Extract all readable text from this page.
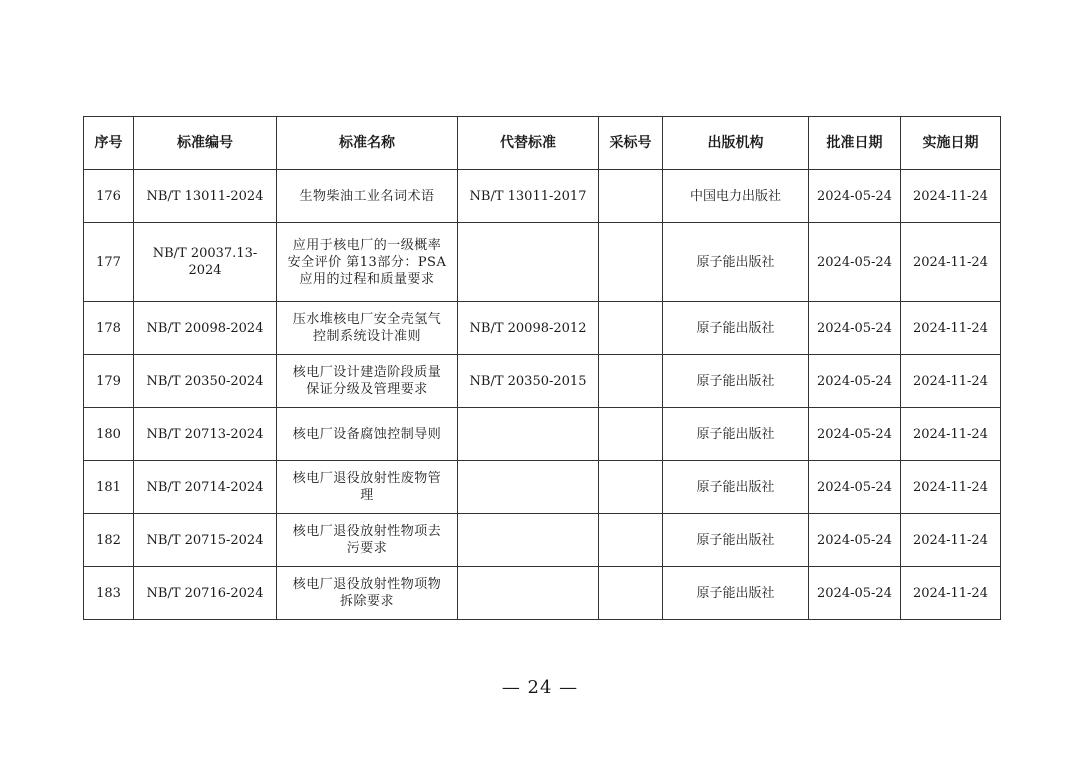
序号	标准编号	标准名称	代替标准	采标号	出版机构	批准日期	实施日期
176	NB/T 13011-2024	生物柴油工业名词术语	NB/T 13011-2017		中国电力出版社	2024-05-24	2024-11-24
177	NB/T 20037.13-2024	应用于核电厂的一级概率安全评价 第13部分：PSA应用的过程和质量要求			原子能出版社	2024-05-24	2024-11-24
178	NB/T 20098-2024	压水堆核电厂安全壳氢气控制系统设计准则	NB/T 20098-2012		原子能出版社	2024-05-24	2024-11-24
179	NB/T 20350-2024	核电厂设计建造阶段质量保证分级及管理要求	NB/T 20350-2015		原子能出版社	2024-05-24	2024-11-24
180	NB/T 20713-2024	核电厂设备腐蚀控制导则			原子能出版社	2024-05-24	2024-11-24
181	NB/T 20714-2024	核电厂退役放射性废物管理			原子能出版社	2024-05-24	2024-11-24
182	NB/T 20715-2024	核电厂退役放射性物项去污要求			原子能出版社	2024-05-24	2024-11-24
183	NB/T 20716-2024	核电厂退役放射性物项物拆除要求			原子能出版社	2024-05-24	2024-11-24
— 24 —
